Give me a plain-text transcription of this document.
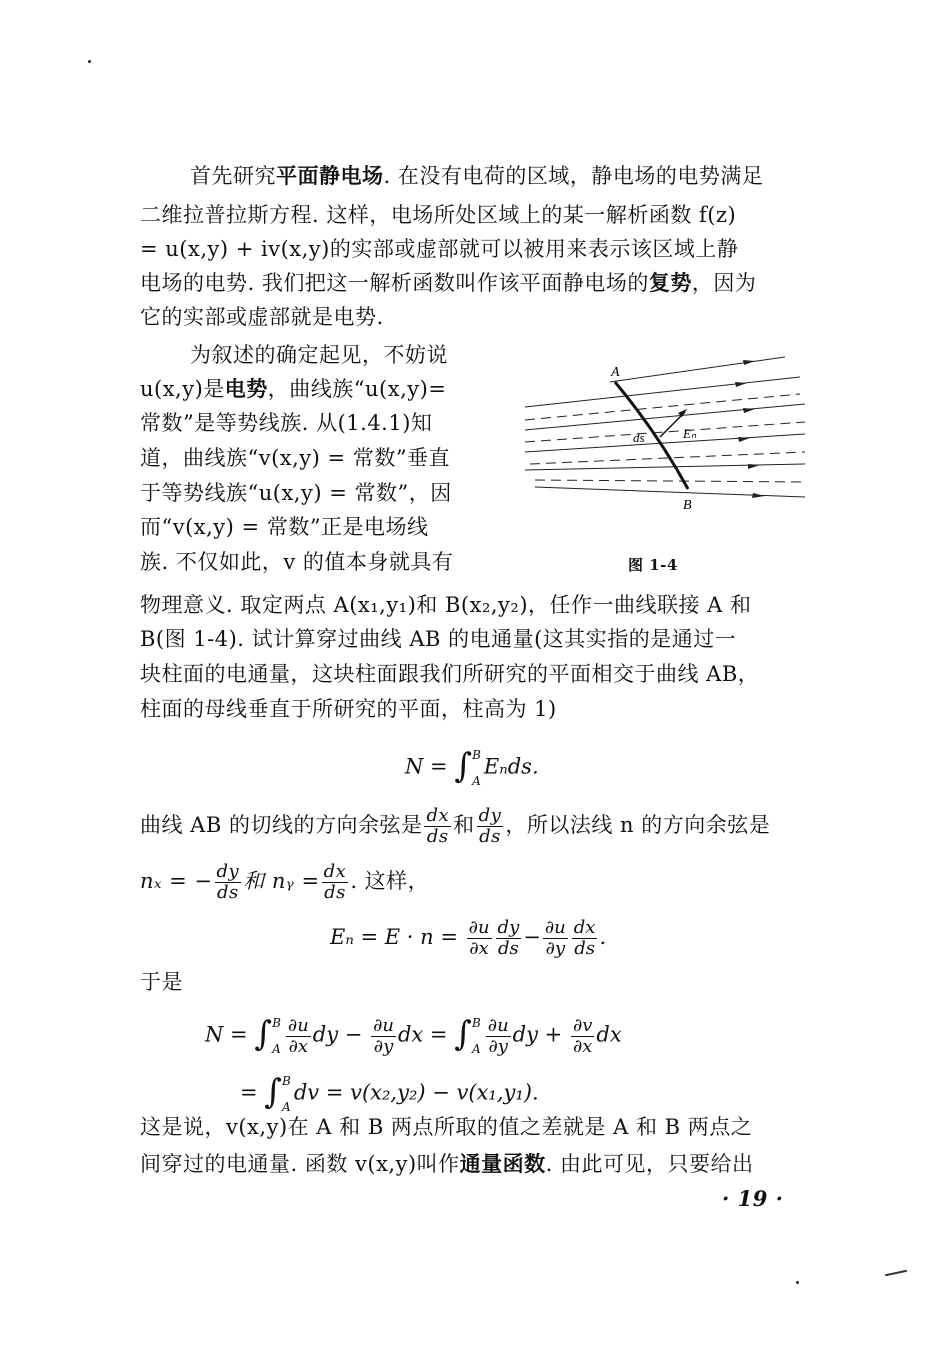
首先研究平面静电场. 在没有电荷的区域，静电场的电势满足
二维拉普拉斯方程. 这样，电场所处区域上的某一解析函数 f(z)
= u(x,y) + iv(x,y)的实部或虚部就可以被用来表示该区域上静
电场的电势. 我们把这一解析函数叫作该平面静电场的复势，因为
它的实部或虚部就是电势.
为叙述的确定起见，不妨说
u(x,y)是电势，曲线族“u(x,y)=
常数”是等势线族. 从(1.4.1)知
道，曲线族“v(x,y) = 常数”垂直
于等势线族“u(x,y) = 常数”，因
而“v(x,y) = 常数”正是电场线
族. 不仅如此，v 的值本身就具有
A
B
ds	Eₙ
图 1-4
物理意义. 取定两点 A(x₁,y₁)和 B(x₂,y₂)，任作一曲线联接 A 和
B(图 1-4). 试计算穿过曲线 AB 的电通量(这其实指的是通过一
块柱面的电通量，这块柱面跟我们所研究的平面相交于曲线 AB，
柱面的母线垂直于所研究的平面，柱高为 1)
N = ∫ B
A
Eₙds.
曲线 AB 的切线的方向余弦是 $\frac{dx}{ds}$ 和 $\frac{dy}{ds}$ ，所以法线 n 的方向余弦是
nₓ = − $\frac{dy}{ds}$ 和 nᵧ = $\frac{dx}{ds}$ . 这样，
$E_n = E \cdot n = \frac{\partial u}{\partial x} \frac{dy}{ds} - \frac{\partial u}{\partial y} \frac{dx}{ds}$ .
于是
N = ∫ B
A $\frac{\partial u}{\partial x}$ dy − $\frac{\partial u}{\partial y}$ dx = ∫ B
A $\frac{\partial u}{\partial y}$ dy + $\frac{\partial v}{\partial x}$ dx
= ∫ B
A
dv = v(x₂,y₂) − v(x₁,y₁).
这是说，v(x,y)在 A 和 B 两点所取的值之差就是 A 和 B 两点之
间穿过的电通量. 函数 v(x,y)叫作通量函数. 由此可见，只要给出
· 19 ·
